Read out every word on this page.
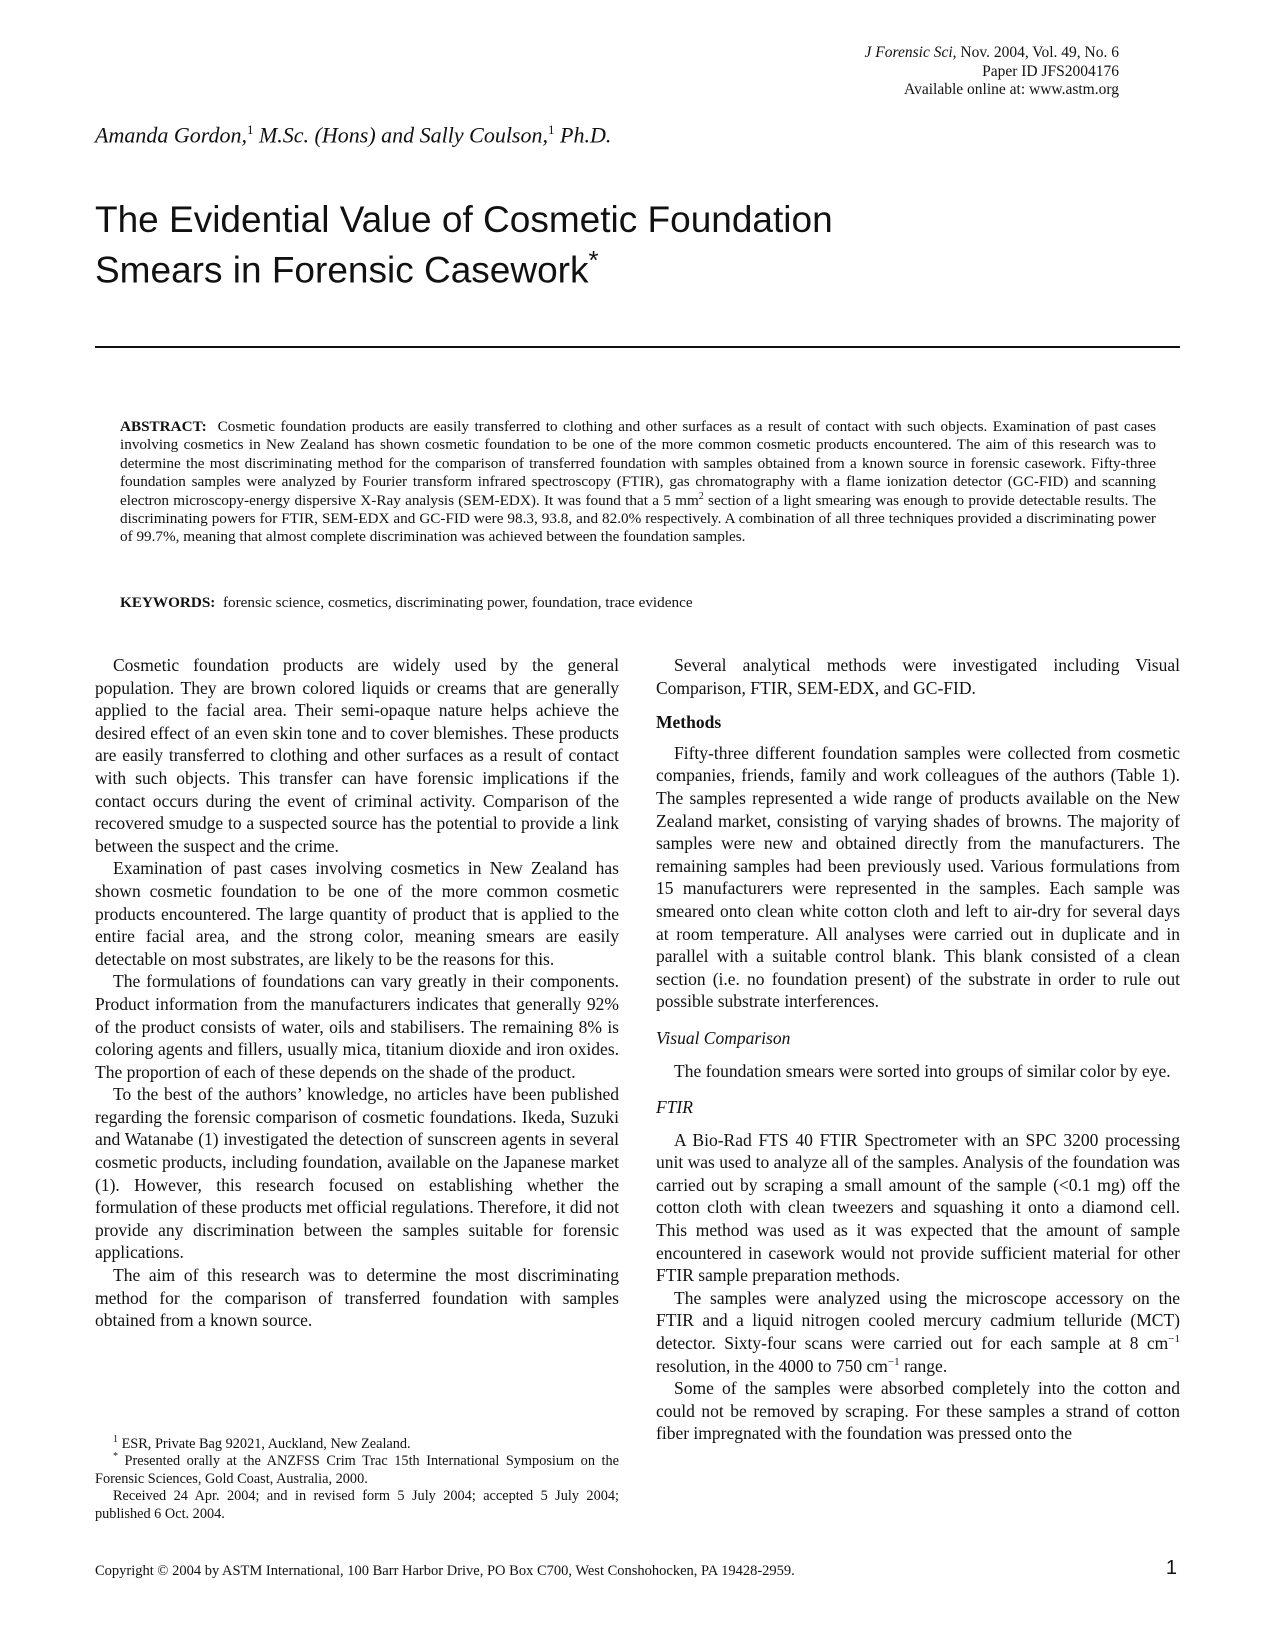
J Forensic Sci, Nov. 2004, Vol. 49, No. 6
Paper ID JFS2004176
Available online at: www.astm.org
Amanda Gordon,$^1$ M.Sc. (Hons) and Sally Coulson,$^1$ Ph.D.
The Evidential Value of Cosmetic Foundation
Smears in Forensic Casework*

ABSTRACT: Cosmetic foundation products are easily transferred to clothing and other surfaces as a result of contact with such objects. Examination of past cases involving cosmetics in New Zealand has shown cosmetic foundation to be one of the more common cosmetic products encountered. The aim of this research was to determine the most discriminating method for the comparison of transferred foundation with samples obtained from a known source in forensic casework. Fifty-three foundation samples were analyzed by Fourier transform infrared spectroscopy (FTIR), gas chromatography with a flame ionization detector (GC-FID) and scanning electron microscopy-energy dispersive X-Ray analysis (SEM-EDX). It was found that a 5 $mm^2$ section of a light smearing was enough to provide detectable results. The discriminating powers for FTIR, SEM-EDX and GC-FID were 98.3, 93.8, and 82.0% respectively. A combination of all three techniques provided a discriminating power of 99.7%, meaning that almost complete discrimination was achieved between the foundation samples.

KEYWORDS: forensic science, cosmetics, discriminating power, foundation, trace evidence

Cosmetic foundation products are widely used by the general population. They are brown colored liquids or creams that are generally applied to the facial area. Their semi-opaque nature helps achieve the desired effect of an even skin tone and to cover blemishes. These products are easily transferred to clothing and other surfaces as a result of contact with such objects. This transfer can have forensic implications if the contact occurs during the event of criminal activity. Comparison of the recovered smudge to a suspected source has the potential to provide a link between the suspect and the crime.

Examination of past cases involving cosmetics in New Zealand has shown cosmetic foundation to be one of the more common cosmetic products encountered. The large quantity of product that is applied to the entire facial area, and the strong color, meaning smears are easily detectable on most substrates, are likely to be the reasons for this.

The formulations of foundations can vary greatly in their components. Product information from the manufacturers indicates that generally 92% of the product consists of water, oils and stabilisers. The remaining 8% is coloring agents and fillers, usually mica, titanium dioxide and iron oxides. The proportion of each of these depends on the shade of the product.

To the best of the authors’ knowledge, no articles have been published regarding the forensic comparison of cosmetic foundations. Ikeda, Suzuki and Watanabe (1) investigated the detection of sunscreen agents in several cosmetic products, including foundation, available on the Japanese market (1). However, this research focused on establishing whether the formulation of these products met official regulations. Therefore, it did not provide any discrimination between the samples suitable for forensic applications.

The aim of this research was to determine the most discriminating method for the comparison of transferred foundation with samples obtained from a known source.

$^1$ ESR, Private Bag 92021, Auckland, New Zealand.

* Presented orally at the ANZFSS Crim Trac 15th International Symposium on the Forensic Sciences, Gold Coast, Australia, 2000.

Received 24 Apr. 2004; and in revised form 5 July 2004; accepted 5 July 2004; published 6 Oct. 2004.

Several analytical methods were investigated including Visual Comparison, FTIR, SEM-EDX, and GC-FID.

Methods

Fifty-three different foundation samples were collected from cosmetic companies, friends, family and work colleagues of the authors (Table 1). The samples represented a wide range of products available on the New Zealand market, consisting of varying shades of browns. The majority of samples were new and obtained directly from the manufacturers. The remaining samples had been previously used. Various formulations from 15 manufacturers were represented in the samples. Each sample was smeared onto clean white cotton cloth and left to air-dry for several days at room temperature. All analyses were carried out in duplicate and in parallel with a suitable control blank. This blank consisted of a clean section (i.e. no foundation present) of the substrate in order to rule out possible substrate interferences.

Visual Comparison

The foundation smears were sorted into groups of similar color by eye.

FTIR

A Bio-Rad FTS 40 FTIR Spectrometer with an SPC 3200 processing unit was used to analyze all of the samples. Analysis of the foundation was carried out by scraping a small amount of the sample (<0.1 mg) off the cotton cloth with clean tweezers and squashing it onto a diamond cell. This method was used as it was expected that the amount of sample encountered in casework would not provide sufficient material for other FTIR sample preparation methods.

The samples were analyzed using the microscope accessory on the FTIR and a liquid nitrogen cooled mercury cadmium telluride (MCT) detector. Sixty-four scans were carried out for each sample at 8 $cm^{-1}$ resolution, in the 4000 to 750 $cm^{-1}$ range.

Some of the samples were absorbed completely into the cotton and could not be removed by scraping. For these samples a strand of cotton fiber impregnated with the foundation was pressed onto the

Copyright © 2004 by ASTM International, 100 Barr Harbor Drive, PO Box C700, West Conshohocken, PA 19428-2959.	1
